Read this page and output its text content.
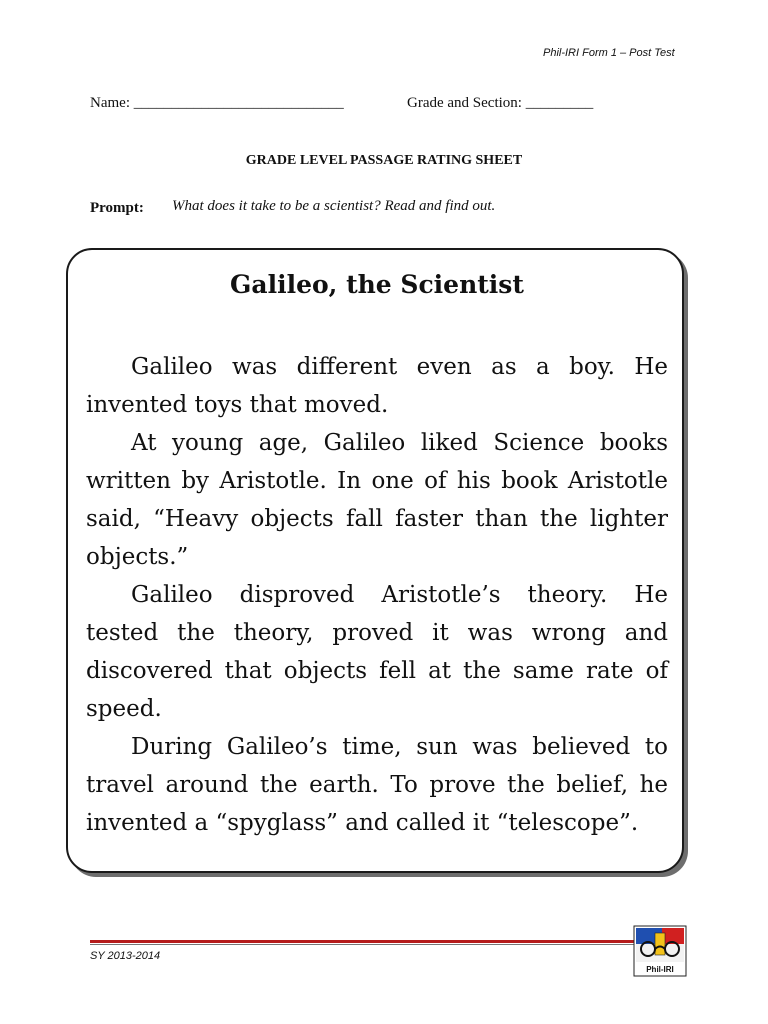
Phil-IRI Form 1 – Post Test
Name: ____________________________	Grade and Section: _________
GRADE LEVEL PASSAGE RATING SHEET
Prompt: What does it take to be a scientist? Read and find out.
Galileo, the Scientist

Galileo was different even as a boy. He invented toys that moved.

At young age, Galileo liked Science books written by Aristotle. In one of his book Aristotle said, “Heavy objects fall faster than the lighter objects.”

Galileo disproved Aristotle’s theory. He tested the theory, proved it was wrong and discovered that objects fell at the same rate of speed.

During Galileo’s time, sun was believed to travel around the earth. To prove the belief, he invented a “spyglass” and called it “telescope”.

SY 2013-2014
Phil-IRI
